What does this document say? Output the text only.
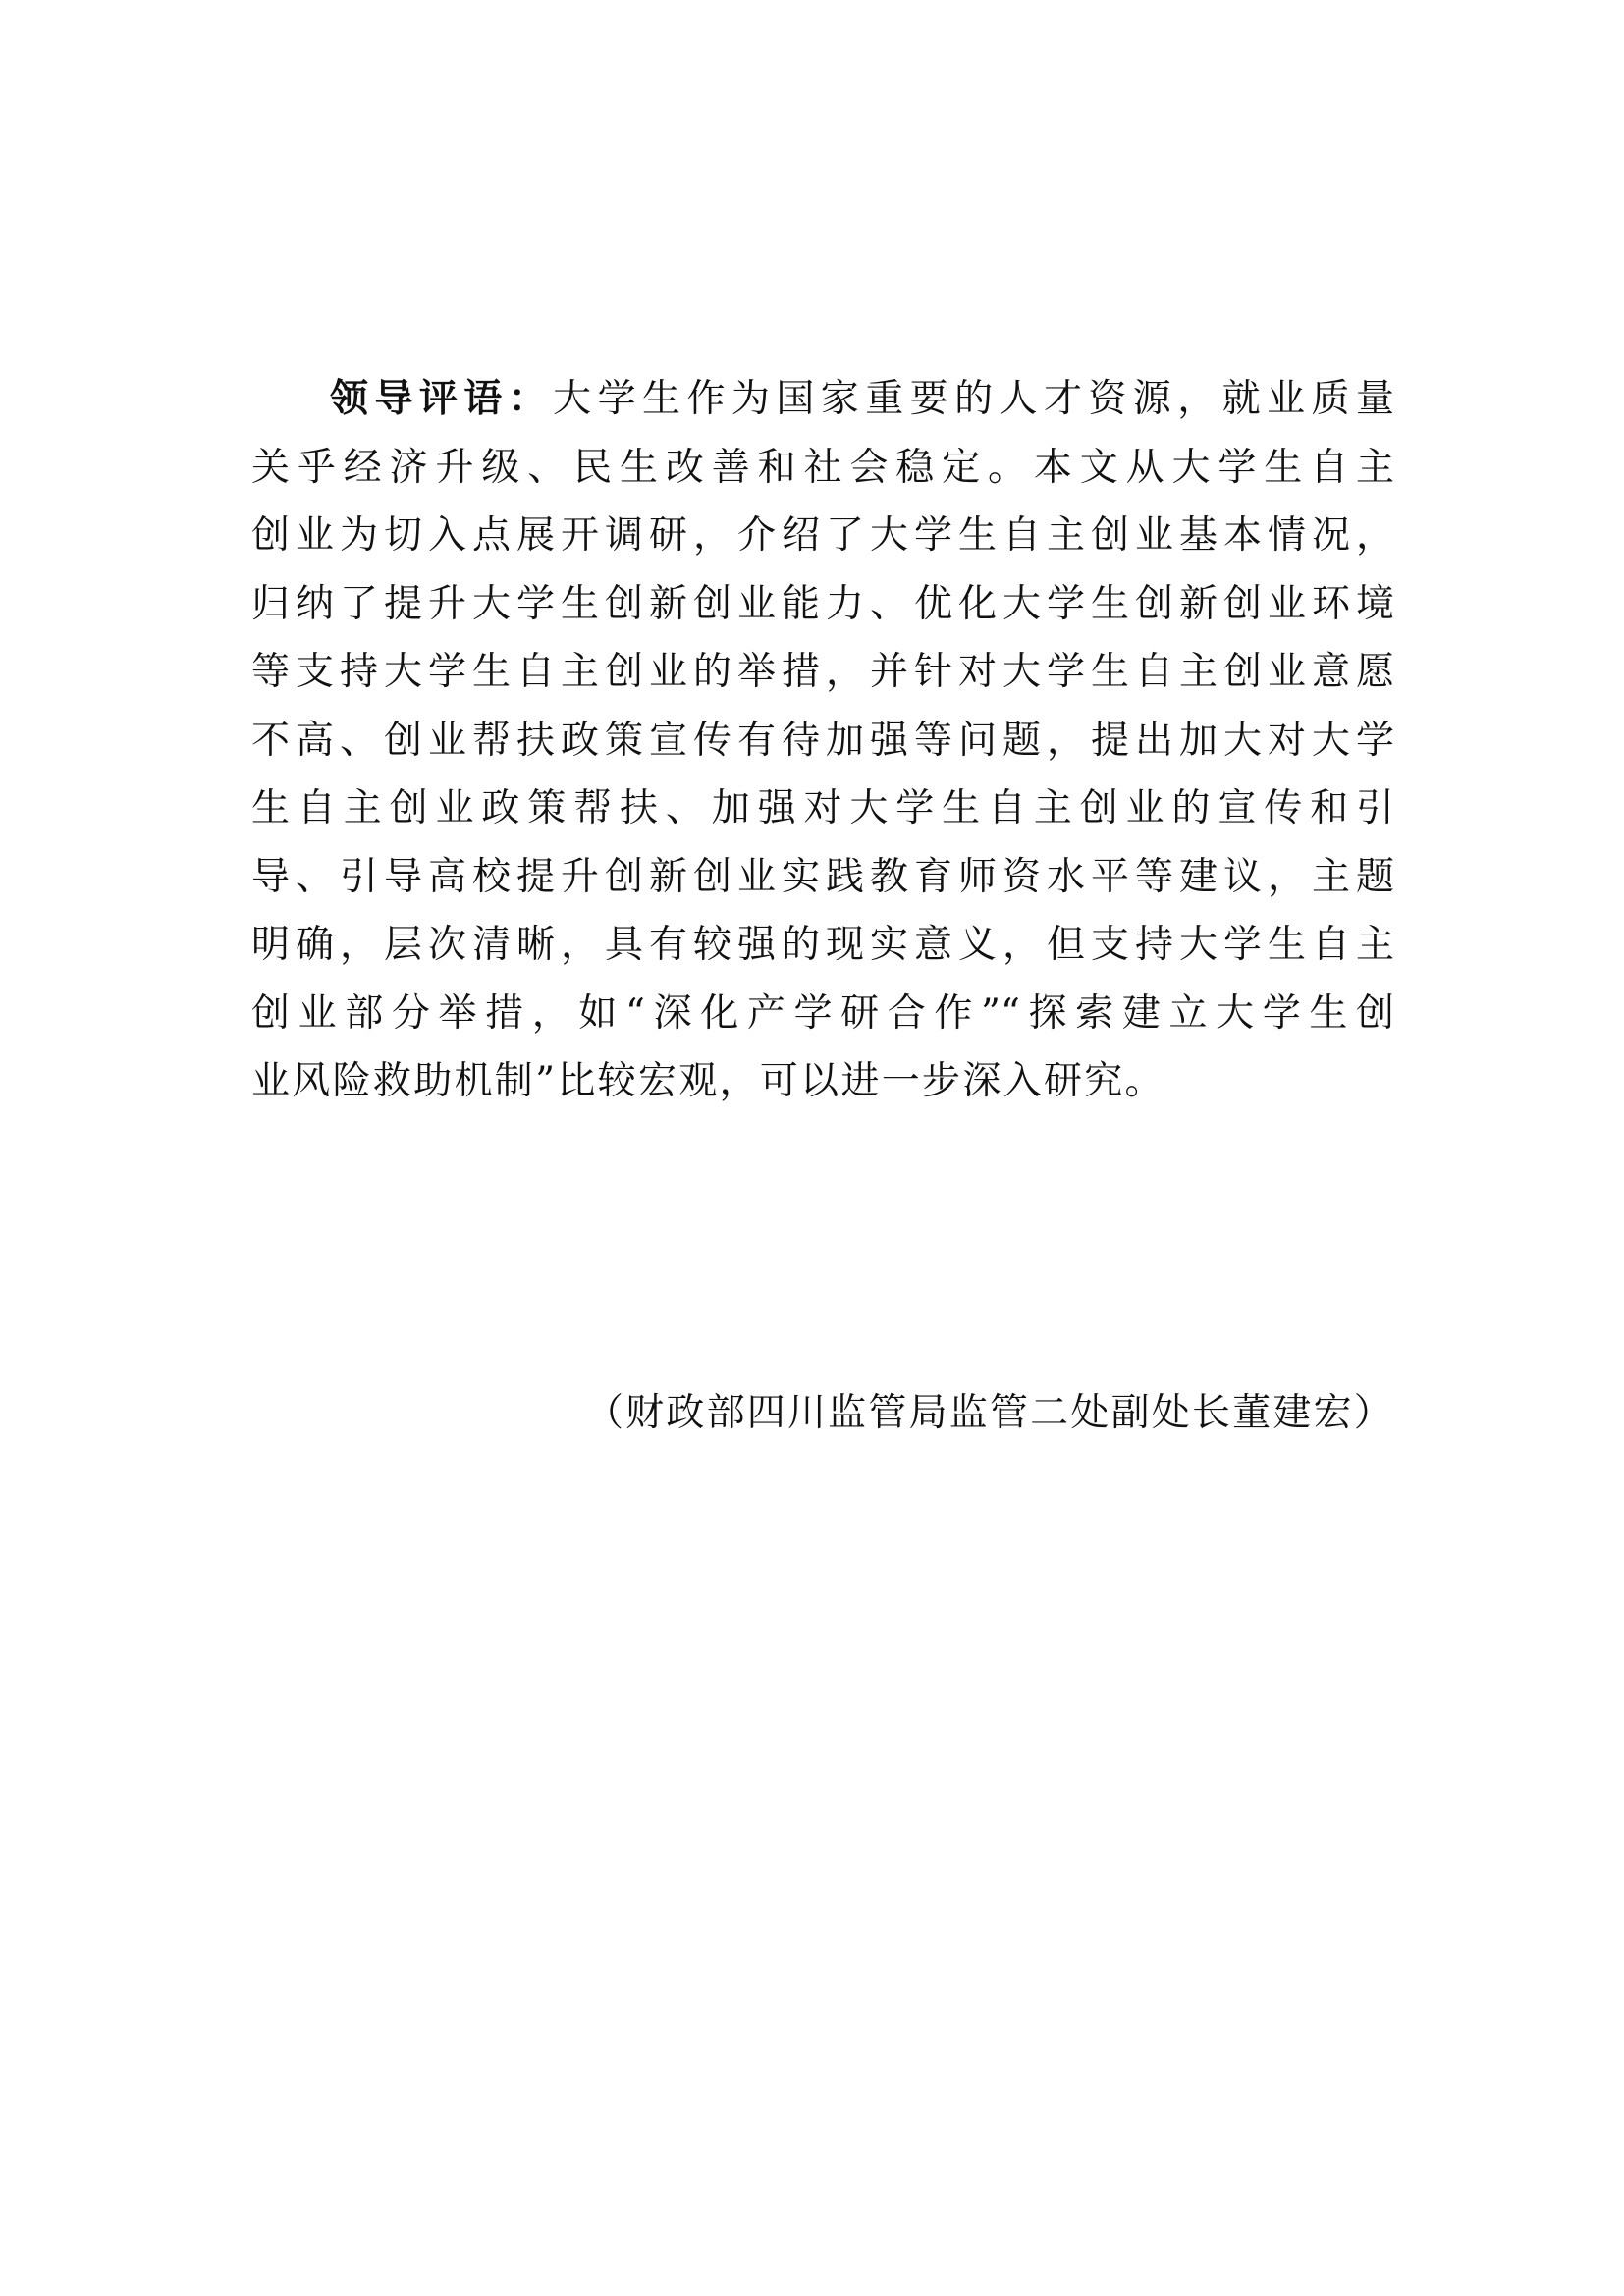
领导评语：大学生作为国家重要的人才资源，就业质量
关乎经济升级、民生改善和社会稳定。本文从大学生自主
创业为切入点展开调研，介绍了大学生自主创业基本情况，
归纳了提升大学生创新创业能力、优化大学生创新创业环境
等支持大学生自主创业的举措，并针对大学生自主创业意愿
不高、创业帮扶政策宣传有待加强等问题，提出加大对大学
生自主创业政策帮扶、加强对大学生自主创业的宣传和引
导、引导高校提升创新创业实践教育师资水平等建议，主题
明确，层次清晰，具有较强的现实意义，但支持大学生自主
创业部分举措，如“深化产学研合作”“探索建立大学生创
业风险救助机制”比较宏观，可以进一步深入研究。
（财政部四川监管局监管二处副处长董建宏）
